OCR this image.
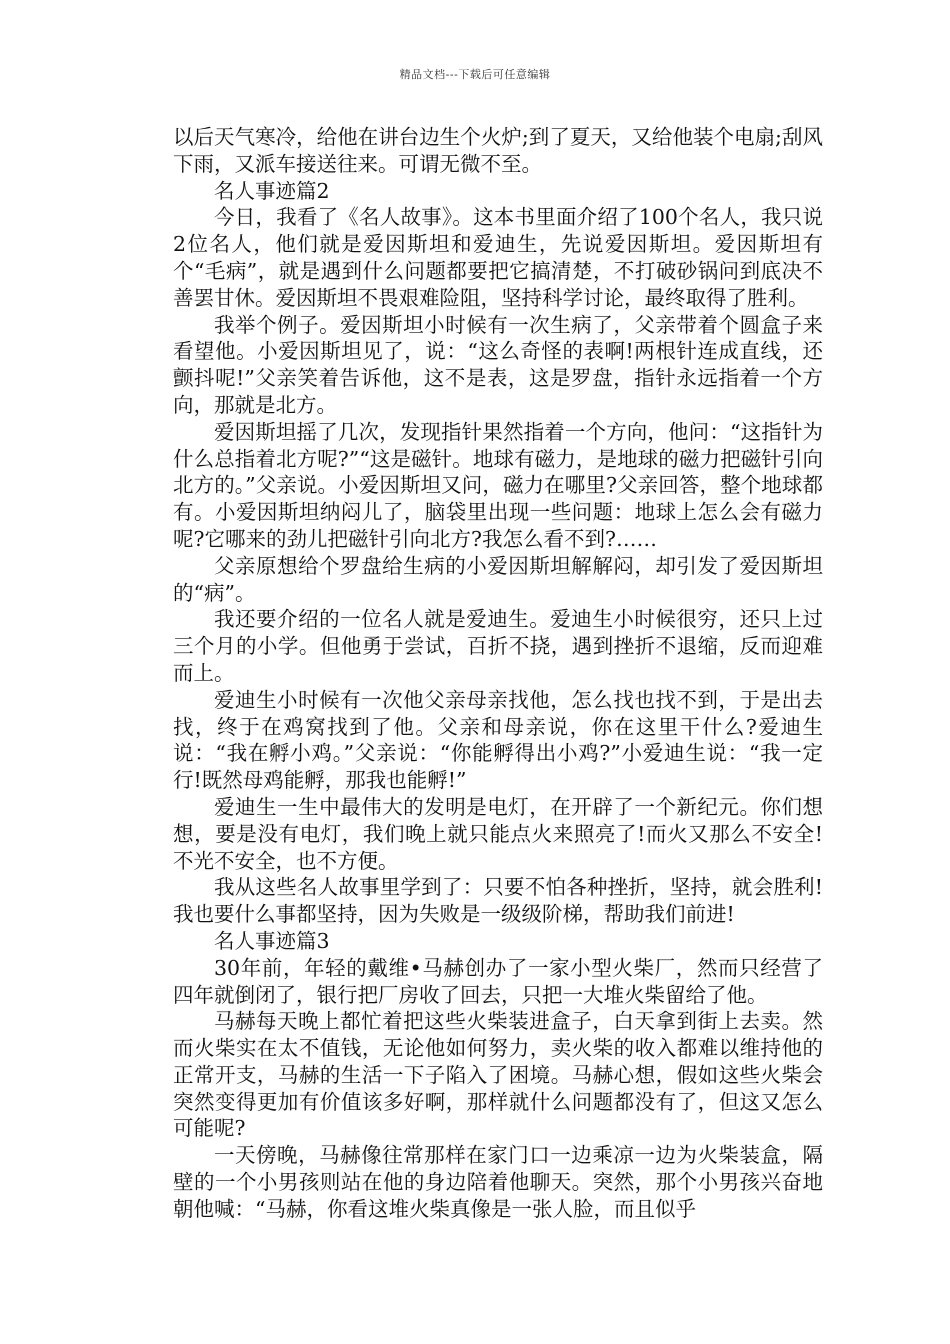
精品文档---下载后可任意编辑

以后天气寒冷，给他在讲台边生个火炉;到了夏天，又给他装个电扇;刮风下雨，又派车接送往来。可谓无微不至。

名人事迹篇2

今日，我看了《名人故事》。这本书里面介绍了100个名人，我只说2位名人，他们就是爱因斯坦和爱迪生，先说爱因斯坦。爱因斯坦有个“毛病”，就是遇到什么问题都要把它搞清楚，不打破砂锅问到底决不善罢甘休。爱因斯坦不畏艰难险阻，坚持科学讨论，最终取得了胜利。

我举个例子。爱因斯坦小时候有一次生病了，父亲带着个圆盒子来看望他。小爱因斯坦见了，说：“这么奇怪的表啊!两根针连成直线，还颤抖呢!”父亲笑着告诉他，这不是表，这是罗盘，指针永远指着一个方向，那就是北方。

爱因斯坦摇了几次，发现指针果然指着一个方向，他问：“这指针为什么总指着北方呢?”“这是磁针。地球有磁力，是地球的磁力把磁针引向北方的。”父亲说。小爱因斯坦又问，磁力在哪里?父亲回答，整个地球都有。小爱因斯坦纳闷儿了，脑袋里出现一些问题：地球上怎么会有磁力呢?它哪来的劲儿把磁针引向北方?我怎么看不到?……

父亲原想给个罗盘给生病的小爱因斯坦解解闷，却引发了爱因斯坦的“病”。

我还要介绍的一位名人就是爱迪生。爱迪生小时候很穷，还只上过三个月的小学。但他勇于尝试，百折不挠，遇到挫折不退缩，反而迎难而上。

爱迪生小时候有一次他父亲母亲找他，怎么找也找不到，于是出去找，终于在鸡窝找到了他。父亲和母亲说，你在这里干什么?爱迪生说：“我在孵小鸡。”父亲说：“你能孵得出小鸡?”小爱迪生说：“我一定行!既然母鸡能孵，那我也能孵!”

爱迪生一生中最伟大的发明是电灯，在开辟了一个新纪元。你们想想，要是没有电灯，我们晚上就只能点火来照亮了!而火又那么不安全!不光不安全，也不方便。

我从这些名人故事里学到了：只要不怕各种挫折，坚持，就会胜利!我也要什么事都坚持，因为失败是一级级阶梯，帮助我们前进!

名人事迹篇3

30年前，年轻的戴维•马赫创办了一家小型火柴厂，然而只经营了四年就倒闭了，银行把厂房收了回去，只把一大堆火柴留给了他。

马赫每天晚上都忙着把这些火柴装进盒子，白天拿到街上去卖。然而火柴实在太不值钱，无论他如何努力，卖火柴的收入都难以维持他的正常开支，马赫的生活一下子陷入了困境。马赫心想，假如这些火柴会突然变得更加有价值该多好啊，那样就什么问题都没有了，但这又怎么可能呢?

一天傍晚，马赫像往常那样在家门口一边乘凉一边为火柴装盒，隔壁的一个小男孩则站在他的身边陪着他聊天。突然，那个小男孩兴奋地朝他喊：“马赫，你看这堆火柴真像是一张人脸，而且似乎
